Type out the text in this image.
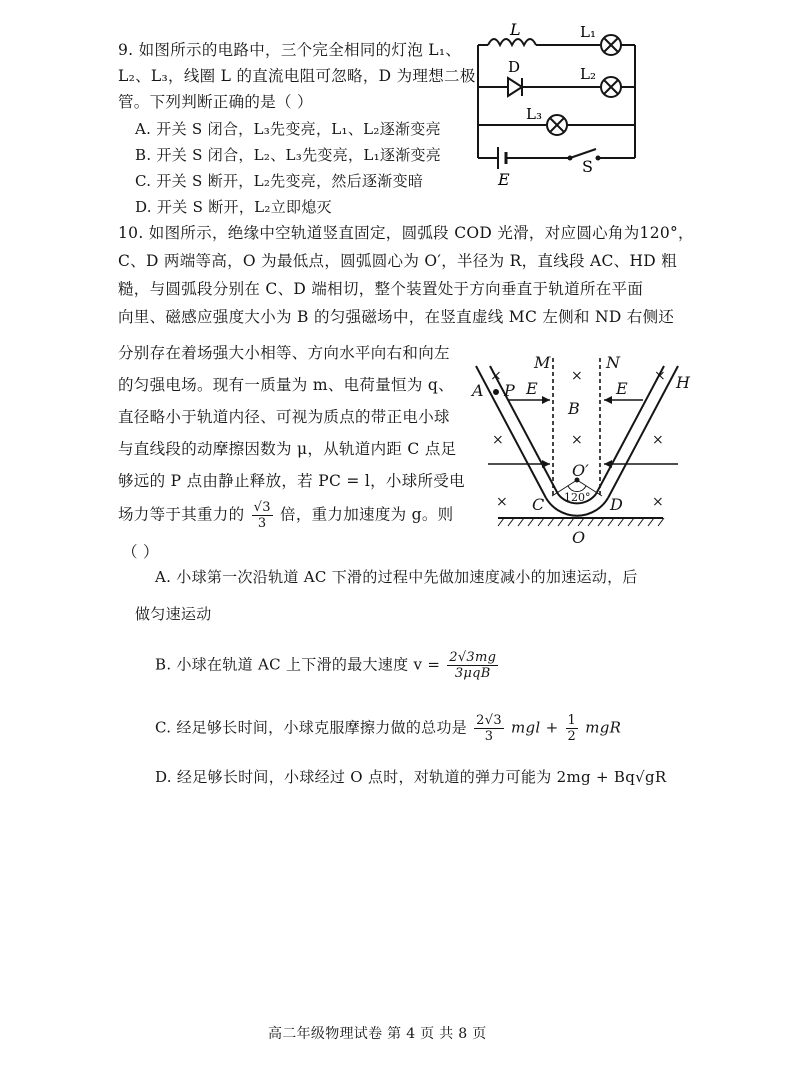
9. 如图所示的电路中，三个完全相同的灯泡 L₁、
L₂、L₃，线圈 L 的直流电阻可忽略，D 为理想二极
管。下列判断正确的是（ ）
A. 开关 S 闭合，L₃先变亮，L₁、L₂逐渐变亮
B. 开关 S 闭合，L₂、L₃先变亮，L₁逐渐变亮
C. 开关 S 断开，L₂先变亮，然后逐渐变暗
D. 开关 S 断开，L₂立即熄灭
L	L₁
D	L₂
L₃
E
S
10. 如图所示，绝缘中空轨道竖直固定，圆弧段 COD 光滑，对应圆心角为120°，
C、D 两端等高，O 为最低点，圆弧圆心为 O′，半径为 R，直线段 AC、HD 粗
糙，与圆弧段分别在 C、D 端相切，整个装置处于方向垂直于轨道所在平面
向里、磁感应强度大小为 B 的匀强磁场中，在竖直虚线 MC 左侧和 ND 右侧还
分别存在着场强大小相等、方向水平向右和向左
的匀强电场。现有一质量为 m、电荷量恒为 q、
直径略小于轨道内径、可视为质点的带正电小球
与直线段的动摩擦因数为 μ，从轨道内距 C 点足
够远的 P 点由静止释放，若 PC = l，小球所受电
场力等于其重力的 $\frac{√3}{3}$ 倍，重力加速度为 g。则
（ ）
A P E
M	N
E	H
B
O′
120°
C	D
O
×	×	×
×	×	×
×	×
A. 小球第一次沿轨道 AC 下滑的过程中先做加速度减小的加速运动，后
做匀速运动
B. 小球在轨道 AC 上下滑的最大速度 $v = \frac{2√3mg}{\text{3μqB}}$
C. 经足够长时间，小球克服摩擦力做的总功是 $\frac{2√3}{3}$ mgl + $\frac{1}{2}$ mgR
D. 经足够长时间，小球经过 O 点时，对轨道的弹力可能为 2mg + Bq√gR
高二年级物理试卷 第 4 页 共 8 页
